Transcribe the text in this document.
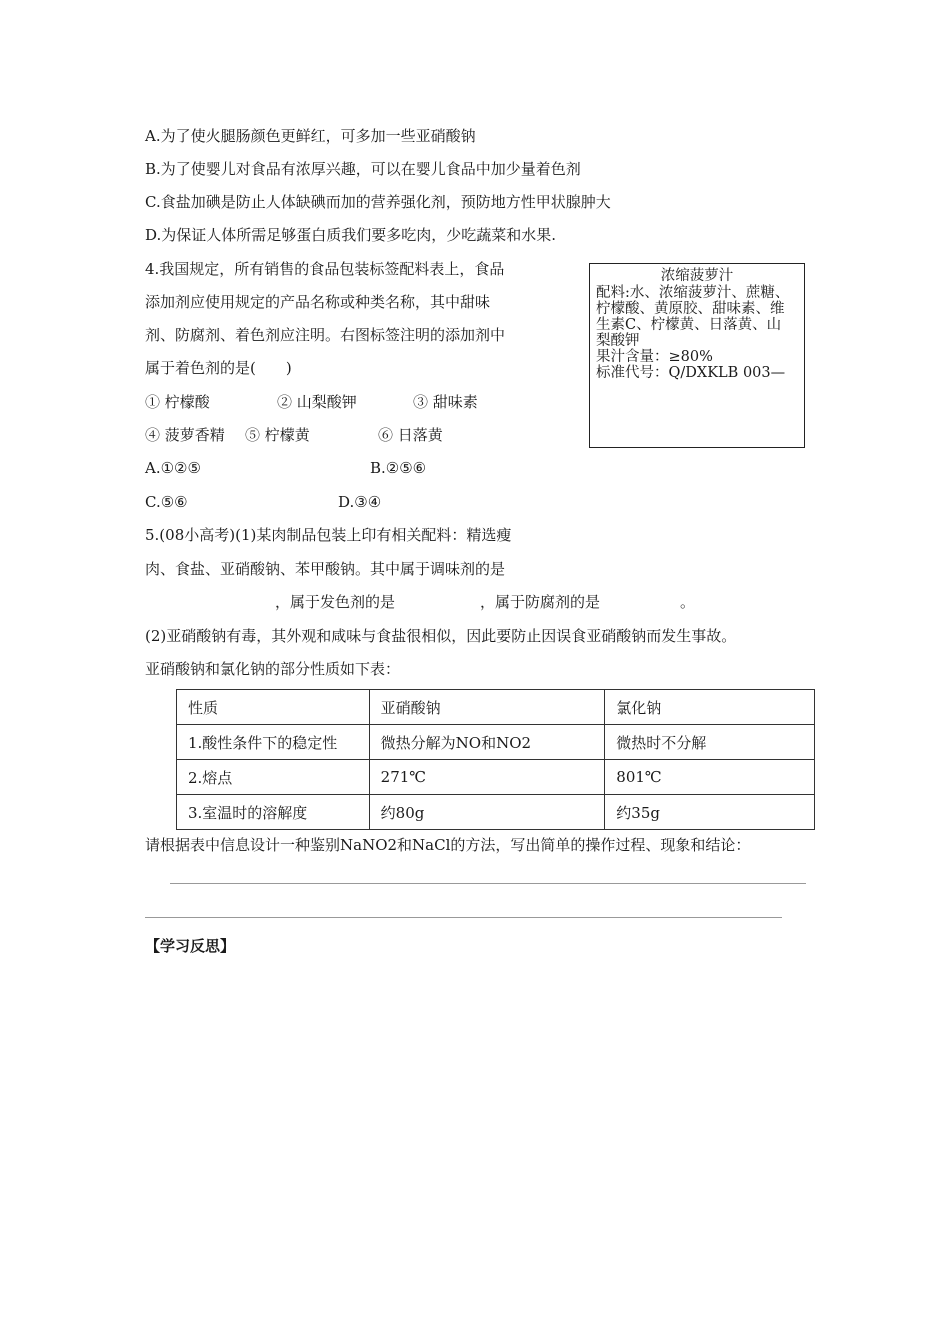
A.为了使火腿肠颜色更鲜红，可多加一些亚硝酸钠
B.为了使婴儿对食品有浓厚兴趣，可以在婴儿食品中加少量着色剂
C.食盐加碘是防止人体缺碘而加的营养强化剂，预防地方性甲状腺肿大
D.为保证人体所需足够蛋白质我们要多吃肉，少吃蔬菜和水果.
4.我国规定，所有销售的食品包装标签配料表上，食品
添加剂应使用规定的产品名称或种类名称，其中甜味
剂、防腐剂、着色剂应注明。右图标签注明的添加剂中
属于着色剂的是(　　)
① 柠檬酸	② 山梨酸钾	③ 甜味素
④ 菠萝香精 ⑤ 柠檬黄	⑥ 日落黄
A.①②⑤	B.②⑤⑥
C.⑤⑥	D.③④
浓缩菠萝汁
配料:水、浓缩菠萝汁、蔗糖、
柠檬酸、黄原胶、甜味素、维
生素C、柠檬黄、日落黄、山
梨酸钾
果汁含量：≥80%
标准代号：Q/DXKLB 003—
5.(08小高考)(1)某肉制品包装上印有相关配料：精选瘦
肉、食盐、亚硝酸钠、苯甲酸钠。其中属于调味剂的是
，属于发色剂的是	，属于防腐剂的是	。
(2)亚硝酸钠有毒，其外观和咸味与食盐很相似，因此要防止因误食亚硝酸钠而发生事故。
亚硝酸钠和氯化钠的部分性质如下表：
性质	亚硝酸钠	氯化钠
1.酸性条件下的稳定性	微热分解为NO和NO2	微热时不分解
2.熔点	271℃	801℃
3.室温时的溶解度	约80g	约35g
请根据表中信息设计一种鉴别NaNO2和NaCl的方法，写出简单的操作过程、现象和结论：
【学习反思】
